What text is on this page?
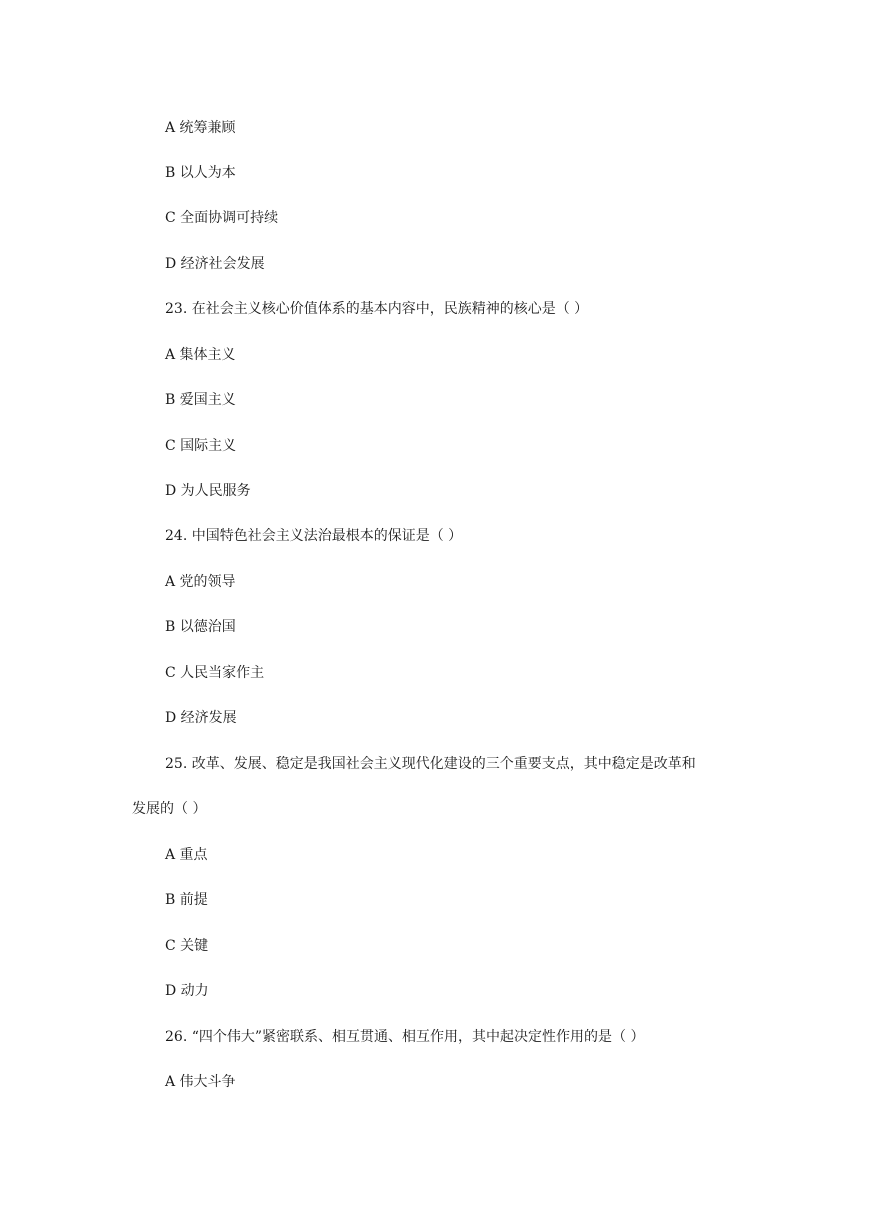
A 统筹兼顾
B 以人为本
C 全面协调可持续
D 经济社会发展
23. 在社会主义核心价值体系的基本内容中，民族精神的核心是（ ）
A 集体主义
B 爱国主义
C 国际主义
D 为人民服务
24. 中国特色社会主义法治最根本的保证是（ ）
A 党的领导
B 以德治国
C 人民当家作主
D 经济发展
25. 改革、发展、稳定是我国社会主义现代化建设的三个重要支点，其中稳定是改革和
发展的（ ）
A 重点
B 前提
C 关键
D 动力
26. “四个伟大”紧密联系、相互贯通、相互作用，其中起决定性作用的是（ ）
A 伟大斗争
